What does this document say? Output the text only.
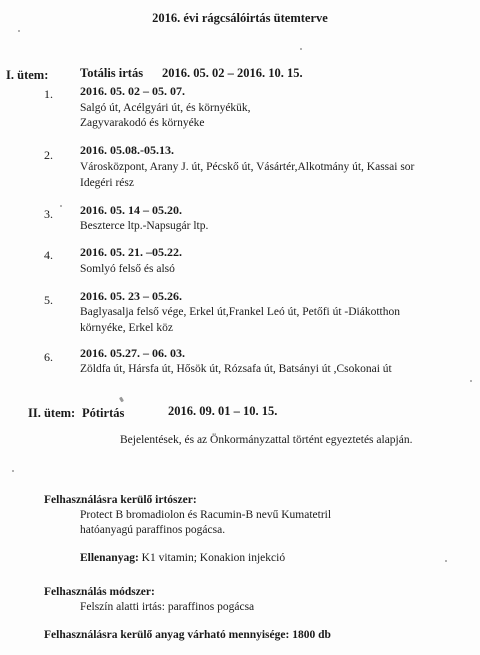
2016. évi rágcsálóirtás ütemterve
I. ütem:	Totális irtás 2016. 05. 02 – 2016. 10. 15.
1. 2016. 05. 02 – 05. 07.
Salgó út, Acélgyári út, és környékük,
Zagyvarakodó és környéke
2. 2016. 05.08.-05.13.
Városközpont, Arany J. út, Pécskő út, Vásártér,Alkotmány út, Kassai sor
Idegéri rész
3. 2016. 05. 14 – 05.20.
Beszterce ltp.-Napsugár ltp.
4. 2016. 05. 21. –05.22.
Somlyó felső és alsó
5. 2016. 05. 23 – 05.26.
Baglyasalja felső vége, Erkel út,Frankel Leó út, Petőfi út -Diákotthon
környéke, Erkel köz
6. 2016. 05.27. – 06. 03.
Zöldfa út, Hársfa út, Hősök út, Rózsafa út, Batsányi út ,Csokonai út
II. ütem: Pótirtás	2016. 09. 01 – 10. 15.
Bejelentések, és az Önkormányzattal történt egyeztetés alapján.
Felhasználásra kerülő irtószer:
Protect B bromadiolon és Racumin-B nevű Kumatetril
hatóanyagú paraffinos pogácsa.
Ellenanyag: K1 vitamin; Konakion injekció
Felhasználás módszer:
Felszín alatti irtás: paraffinos pogácsa
Felhasználásra kerülő anyag várható mennyisége: 1800 db
